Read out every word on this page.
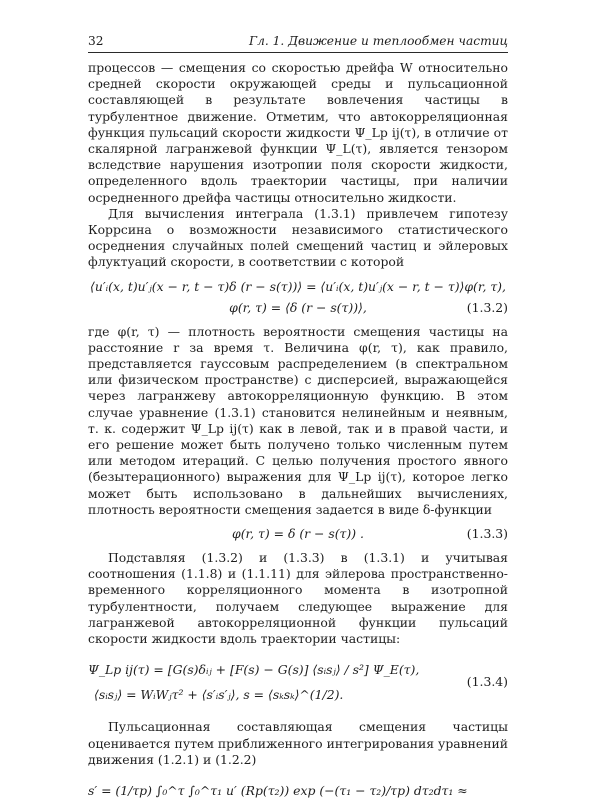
32	Гл. 1. Движение и теплообмен частиц

процессов — смещения со скоростью дрейфа W относительно средней скорости окружающей среды и пульсационной составляющей в результате вовлечения частицы в турбулентное движение. Отметим, что автокорреляционная функция пульсаций скорости жидкости Ψ_Lp ij(τ), в отличие от скалярной лагранжевой функции Ψ_L(τ), является тензором вследствие нарушения изотропии поля скорости жидкости, определенного вдоль траектории частицы, при наличии осредненного дрейфа частицы относительно жидкости.

Для вычисления интеграла (1.3.1) привлечем гипотезу Коррсина о возможности независимого статистического осреднения случайных полей смещений частиц и эйлеровых флуктуаций скорости, в соответствии с которой

⟨u′ᵢ(x, t)u′ⱼ(x − r, t − τ)δ (r − s(τ))⟩ = ⟨u′ᵢ(x, t)u′ⱼ(x − r, t − τ)⟩φ(r, τ),
φ(r, τ) = ⟨δ (r − s(τ))⟩,	(1.3.2)

где φ(r, τ) — плотность вероятности смещения частицы на расстояние r за время τ. Величина φ(r, τ), как правило, представляется гауссовым распределением (в спектральном или физическом пространстве) с дисперсией, выражающейся через лагранжеву автокорреляционную функцию. В этом случае уравнение (1.3.1) становится нелинейным и неявным, т. к. содержит Ψ_Lp ij(τ) как в левой, так и в правой части, и его решение может быть получено только численным путем или методом итераций. С целью получения простого явного (безытерационного) выражения для Ψ_Lp ij(τ), которое легко может быть использовано в дальнейших вычислениях, плотность вероятности смещения задается в виде δ-функции

φ(r, τ) = δ (r − s(τ)) .	(1.3.3)

Подставляя (1.3.2) и (1.3.3) в (1.3.1) и учитывая соотношения (1.1.8) и (1.1.11) для эйлерова пространственно-временного корреляционного момента в изотропной турбулентности, получаем следующее выражение для лагранжевой автокорреляционной функции пульсаций скорости жидкости вдоль траектории частицы:

Ψ_Lp ij(τ) = [G(s)δᵢⱼ + [F(s) − G(s)] ⟨sᵢsⱼ⟩ / s²] Ψ_E(τ),
⟨sᵢsⱼ⟩ = WᵢWⱼτ² + ⟨s′ᵢs′ⱼ⟩, s = ⟨sₖsₖ⟩^(1/2).
(1.3.4)

Пульсационная составляющая смещения частицы оценивается путем приближенного интегрирования уравнений движения (1.2.1) и (1.2.2)

s′ = (1/τp) ∫₀^τ ∫₀^τ₁ u′ (Rp(τ₂)) exp (−(τ₁ − τ₂)/τp) dτ₂dτ₁ ≈
